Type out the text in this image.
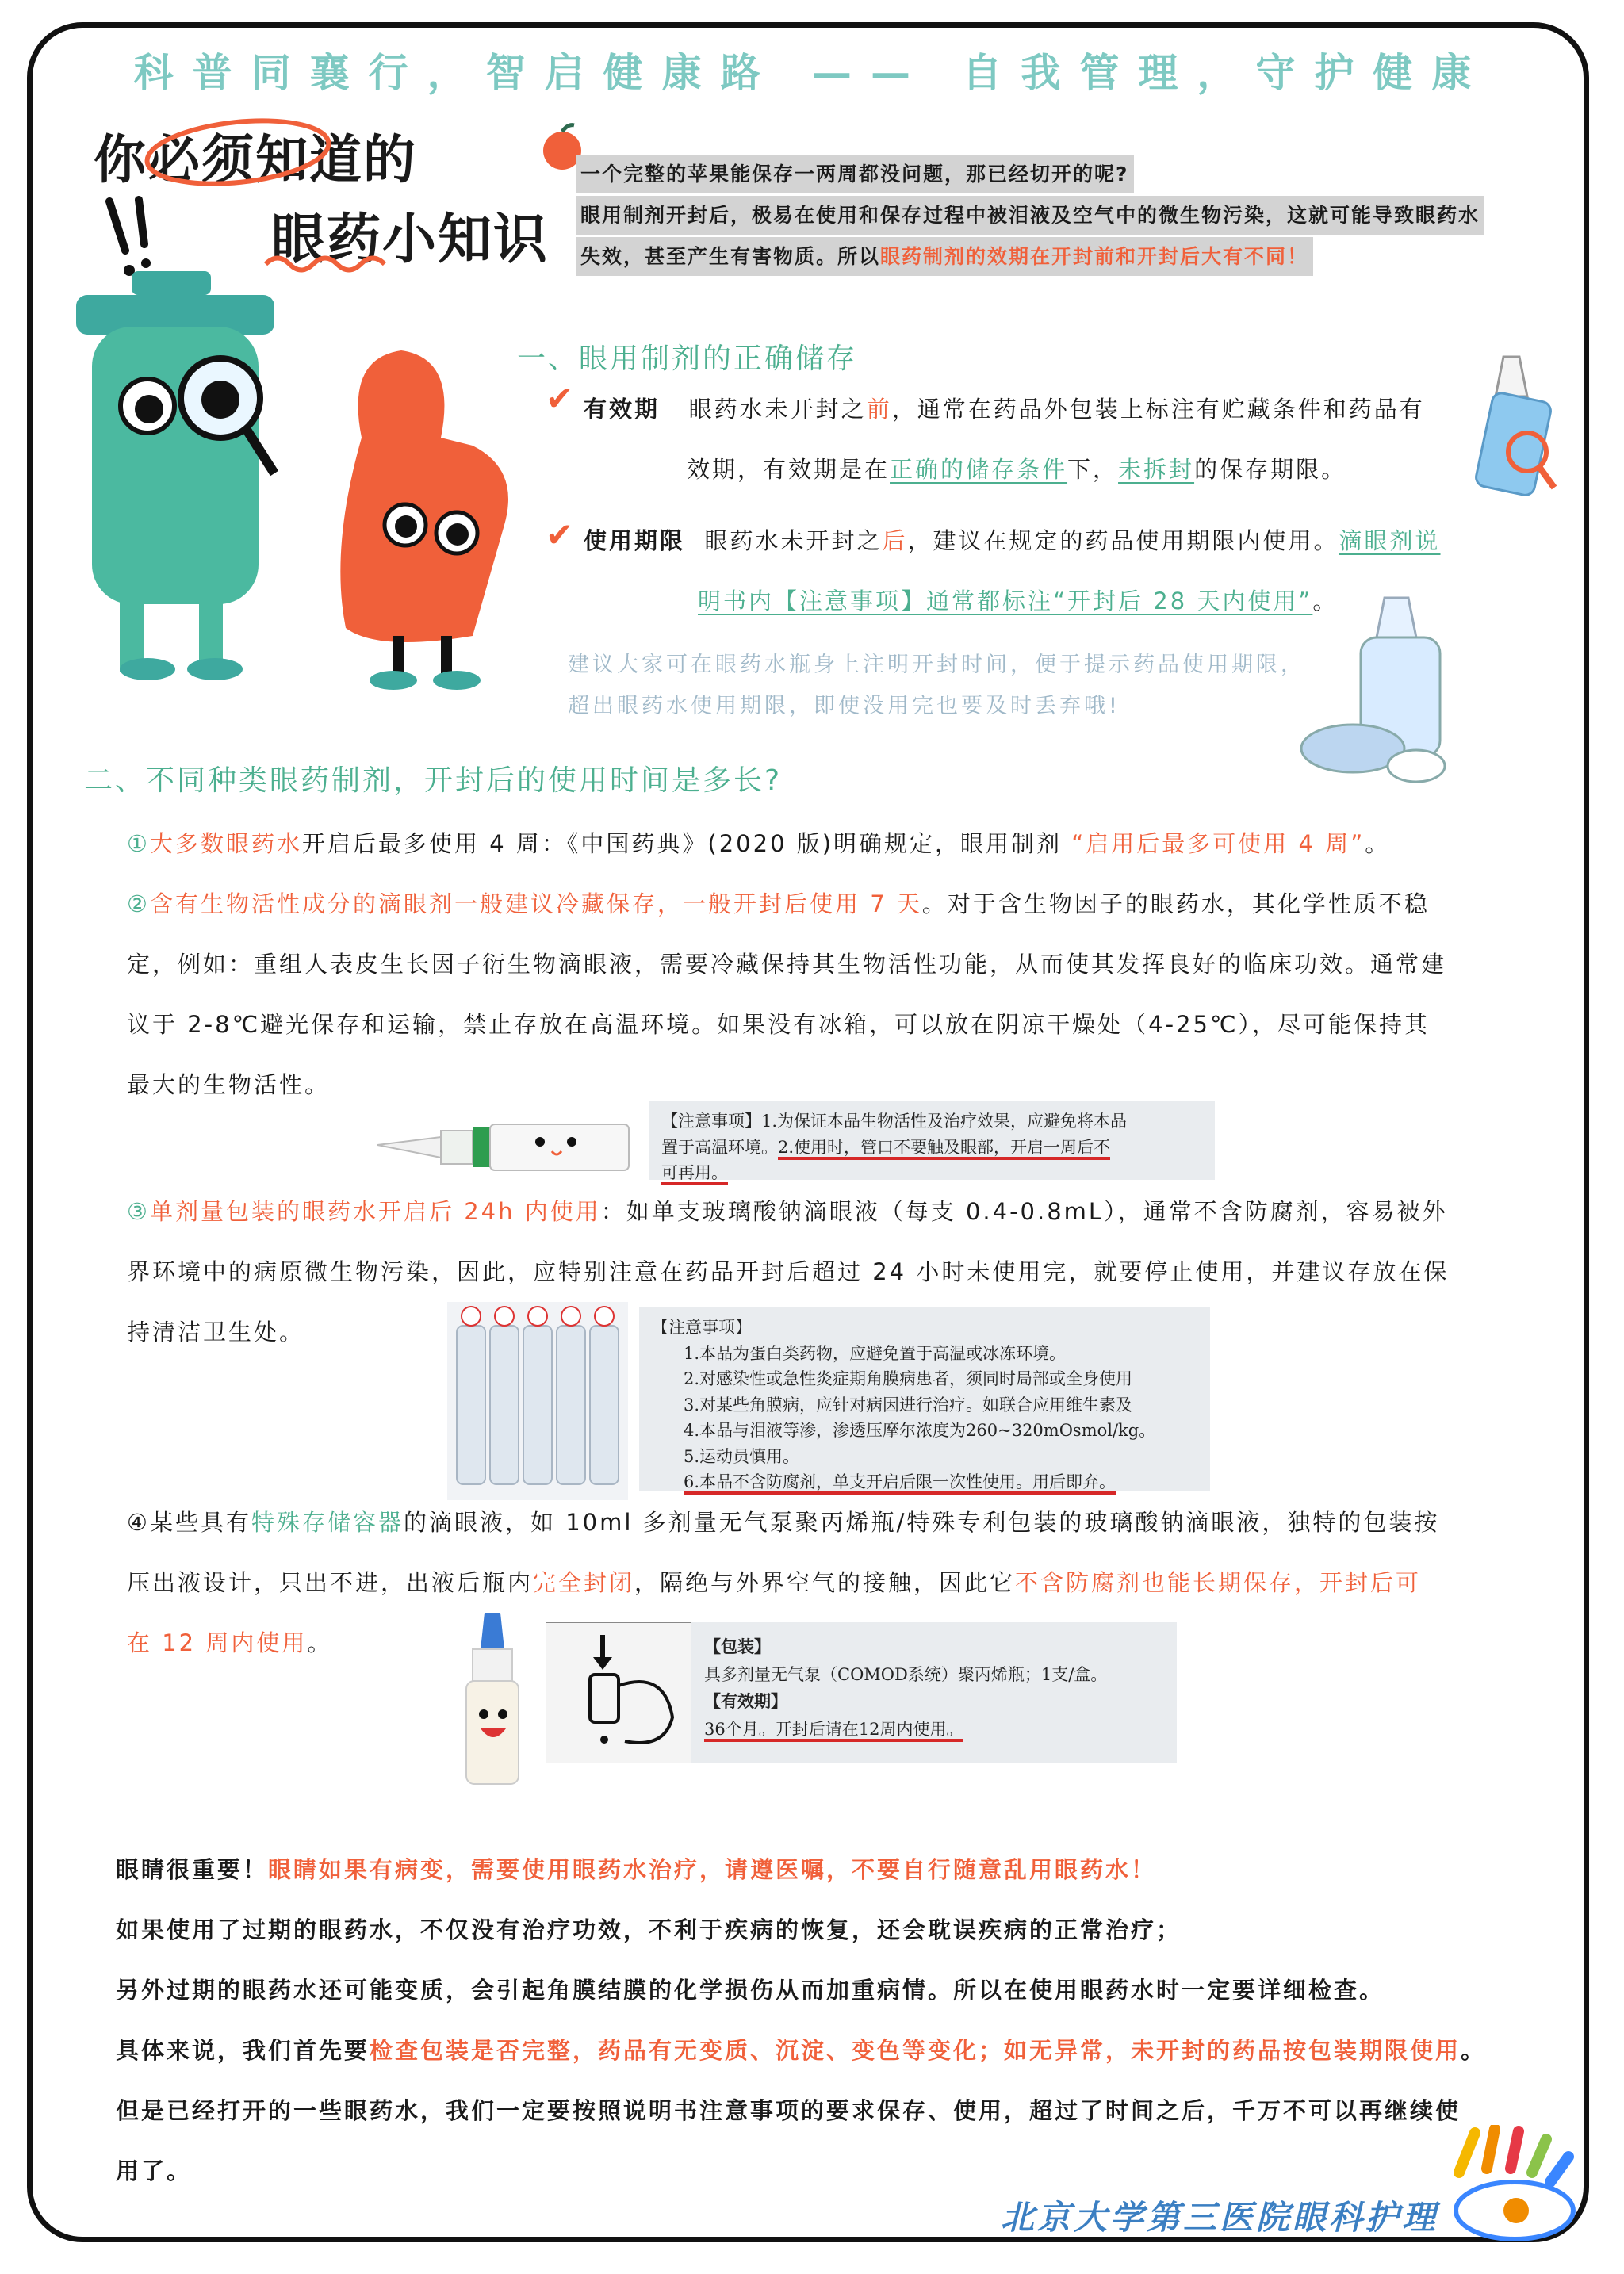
科普同襄行，智启健康路 —— 自我管理，守护健康
你必须知道的
眼药小知识
一个完整的苹果能保存一两周都没问题，那已经切开的呢?
眼用制剂开封后，极易在使用和保存过程中被泪液及空气中的微生物污染，这就可能导致眼药水
失效，甚至产生有害物质。所以眼药制剂的效期在开封前和开封后大有不同！
一、眼用制剂的正确储存
✔ 有效期 眼药水未开封之前，通常在药品外包装上标注有贮藏条件和药品有
效期，有效期是在正确的储存条件下，未拆封的保存期限。
✔ 使用期限 眼药水未开封之后，建议在规定的药品使用期限内使用。滴眼剂说
明书内【注意事项】通常都标注“开封后 28 天内使用”。
建议大家可在眼药水瓶身上注明开封时间，便于提示药品使用期限，
超出眼药水使用期限，即使没用完也要及时丢弃哦!
二、不同种类眼药制剂，开封后的使用时间是多长?
①大多数眼药水开启后最多使用 4 周：《中国药典》(2020 版)明确规定，眼用制剂 “启用后最多可使用 4 周”。
②含有生物活性成分的滴眼剂一般建议冷藏保存，一般开封后使用 7 天。对于含生物因子的眼药水，其化学性质不稳
定，例如：重组人表皮生长因子衍生物滴眼液，需要冷藏保持其生物活性功能，从而使其发挥良好的临床功效。通常建
议于 2-8℃避光保存和运输，禁止存放在高温环境。如果没有冰箱，可以放在阴凉干燥处（4-25℃），尽可能保持其
最大的生物活性。
【注意事项】1.为保证本品生物活性及治疗效果，应避免将本品
置于高温环境。2.使用时，管口不要触及眼部，开启一周后不
可再用。
③单剂量包装的眼药水开启后 24h 内使用：如单支玻璃酸钠滴眼液（每支 0.4-0.8mL），通常不含防腐剂，容易被外
界环境中的病原微生物污染，因此，应特别注意在药品开封后超过 24 小时未使用完，就要停止使用，并建议存放在保
持清洁卫生处。	【注意事项】
1.本品为蛋白类药物，应避免置于高温或冰冻环境。
2.对感染性或急性炎症期角膜病患者，须同时局部或全身使用
3.对某些角膜病，应针对病因进行治疗。如联合应用维生素及
4.本品与泪液等渗，渗透压摩尔浓度为260~320mOsmol/kg。
5.运动员慎用。
6.本品不含防腐剂，单支开启后限一次性使用。用后即弃。
④某些具有特殊存储容器的滴眼液，如 10ml 多剂量无气泵聚丙烯瓶/特殊专利包装的玻璃酸钠滴眼液，独特的包装按
压出液设计，只出不进，出液后瓶内完全封闭，隔绝与外界空气的接触，因此它不含防腐剂也能长期保存，开封后可
在 12 周内使用。	【包装】
具多剂量无气泵（COMOD系统）聚丙烯瓶；1支/盒。
【有效期】
36个月。开封后请在12周内使用。

眼睛很重要！眼睛如果有病变，需要使用眼药水治疗，请遵医嘱，不要自行随意乱用眼药水！

如果使用了过期的眼药水，不仅没有治疗功效，不利于疾病的恢复，还会耽误疾病的正常治疗；

另外过期的眼药水还可能变质，会引起角膜结膜的化学损伤从而加重病情。所以在使用眼药水时一定要详细检查。

具体来说，我们首先要检查包装是否完整，药品有无变质、沉淀、变色等变化；如无异常，未开封的药品按包装期限使用。

但是已经打开的一些眼药水，我们一定要按照说明书注意事项的要求保存、使用，超过了时间之后，千万不可以再继续使

用了。

北京大学第三医院眼科护理
